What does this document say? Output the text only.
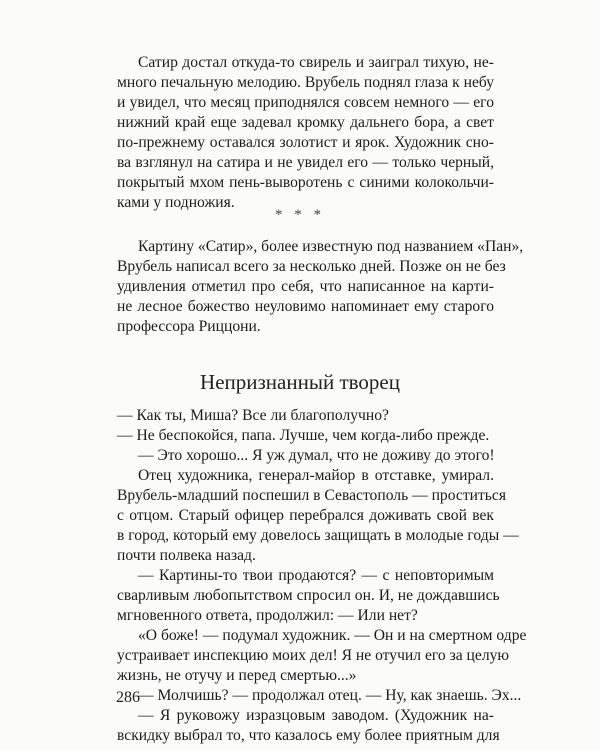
Сатир достал откуда-то свирель и заиграл тихую, не-
много печальную мелодию. Врубель поднял глаза к небу
и увидел, что месяц приподнялся совсем немного — его
нижний край еще задевал кромку дальнего бора, а свет
по-прежнему оставался золотист и ярок. Художник сно-
ва взглянул на сатира и не увидел его — только черный,
покрытый мхом пень-выворотень с синими колокольчи-
ками у подножия.
* * *
Картину «Сатир», более известную под названием «Пан»,
Врубель написал всего за несколько дней. Позже он не без
удивления отметил про себя, что написанное на карти-
не лесное божество неуловимо напоминает ему старого
профессора Риццони.
Непризнанный творец
— Как ты, Миша? Все ли благополучно?
— Не беспокойся, папа. Лучше, чем когда-либо прежде.
— Это хорошо... Я уж думал, что не доживу до этого!
Отец художника, генерал-майор в отставке, умирал.
Врубель-младший поспешил в Севастополь — проститься
с отцом. Старый офицер перебрался доживать свой век
в город, который ему довелось защищать в молодые годы —
почти полвека назад.
— Картины-то твои продаются? — с неповторимым
сварливым любопытством спросил он. И, не дождавшись
мгновенного ответа, продолжил: — Или нет?
«О боже! — подумал художник. — Он и на смертном одре
устраивает инспекцию моих дел! Я не отучил его за целую
жизнь, не отучу и перед смертью...»
— Молчишь? — продолжал отец. — Ну, как знаешь. Эх...
— Я руковожу изразцовым заводом. (Художник на-
вскидку выбрал то, что казалось ему более приятным для
286
